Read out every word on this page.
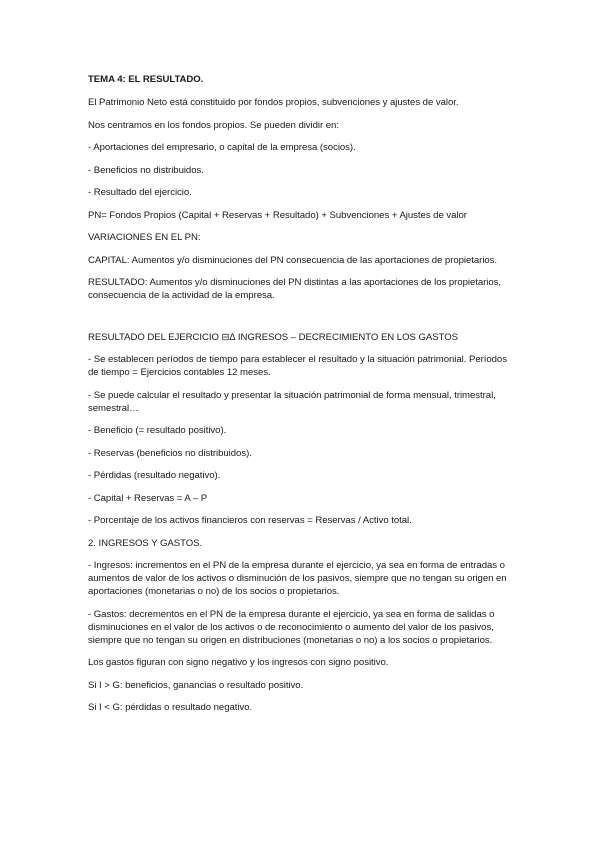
TEMA 4: EL RESULTADO.
El Patrimonio Neto está constituido por fondos propios, subvenciones y ajustes de valor.
Nos centramos en los fondos propios. Se pueden dividir en:
- Aportaciones del empresario, o capital de la empresa (socios).
- Beneficios no distribuidos.
- Resultado del ejercicio.
PN= Fondos Propios (Capital + Reservas + Resultado) + Subvenciones + Ajustes de valor
VARIACIONES EN EL PN:
CAPITAL: Aumentos y/o disminuciones del PN consecuencia de las aportaciones de propietarios.
RESULTADO: Aumentos y/o disminuciones del PN distintas a las aportaciones de los propietarios, consecuencia de la actividad de la empresa.
RESULTADO DEL EJERCICIO ⊟∆ INGRESOS – DECRECIMIENTO EN LOS GASTOS
- Se establecen períodos de tiempo para establecer el resultado y la situación patrimonial. Períodos de tiempo = Ejercicios contables 12 meses.
- Se puede calcular el resultado y presentar la situación patrimonial de forma mensual, trimestral, semestral…
- Beneficio (= resultado positivo).
- Reservas (beneficios no distribuidos).
- Pérdidas (resultado negativo).
- Capital + Reservas = A – P
- Porcentaje de los activos financieros con reservas = Reservas / Activo total.
2. INGRESOS Y GASTOS.
- Ingresos: incrementos en el PN de la empresa durante el ejercicio, ya sea en forma de entradas o aumentos de valor de los activos o disminución de los pasivos, siempre que no tengan su origen en aportaciones (monetarias o no) de los socios o propietarios.
- Gastos: decrementos en el PN de la empresa durante el ejercicio, ya sea en forma de salidas o disminuciones en el valor de los activos o de reconocimiento o aumento del valor de los pasivos, siempre que no tengan su origen en distribuciones (monetarias o no) a los socios o propietarios.
Los gastos figuran con signo negativo y los ingresos con signo positivo.
Si I > G: beneficios, ganancias o resultado positivo.
Si I < G: pérdidas o resultado negativo.
